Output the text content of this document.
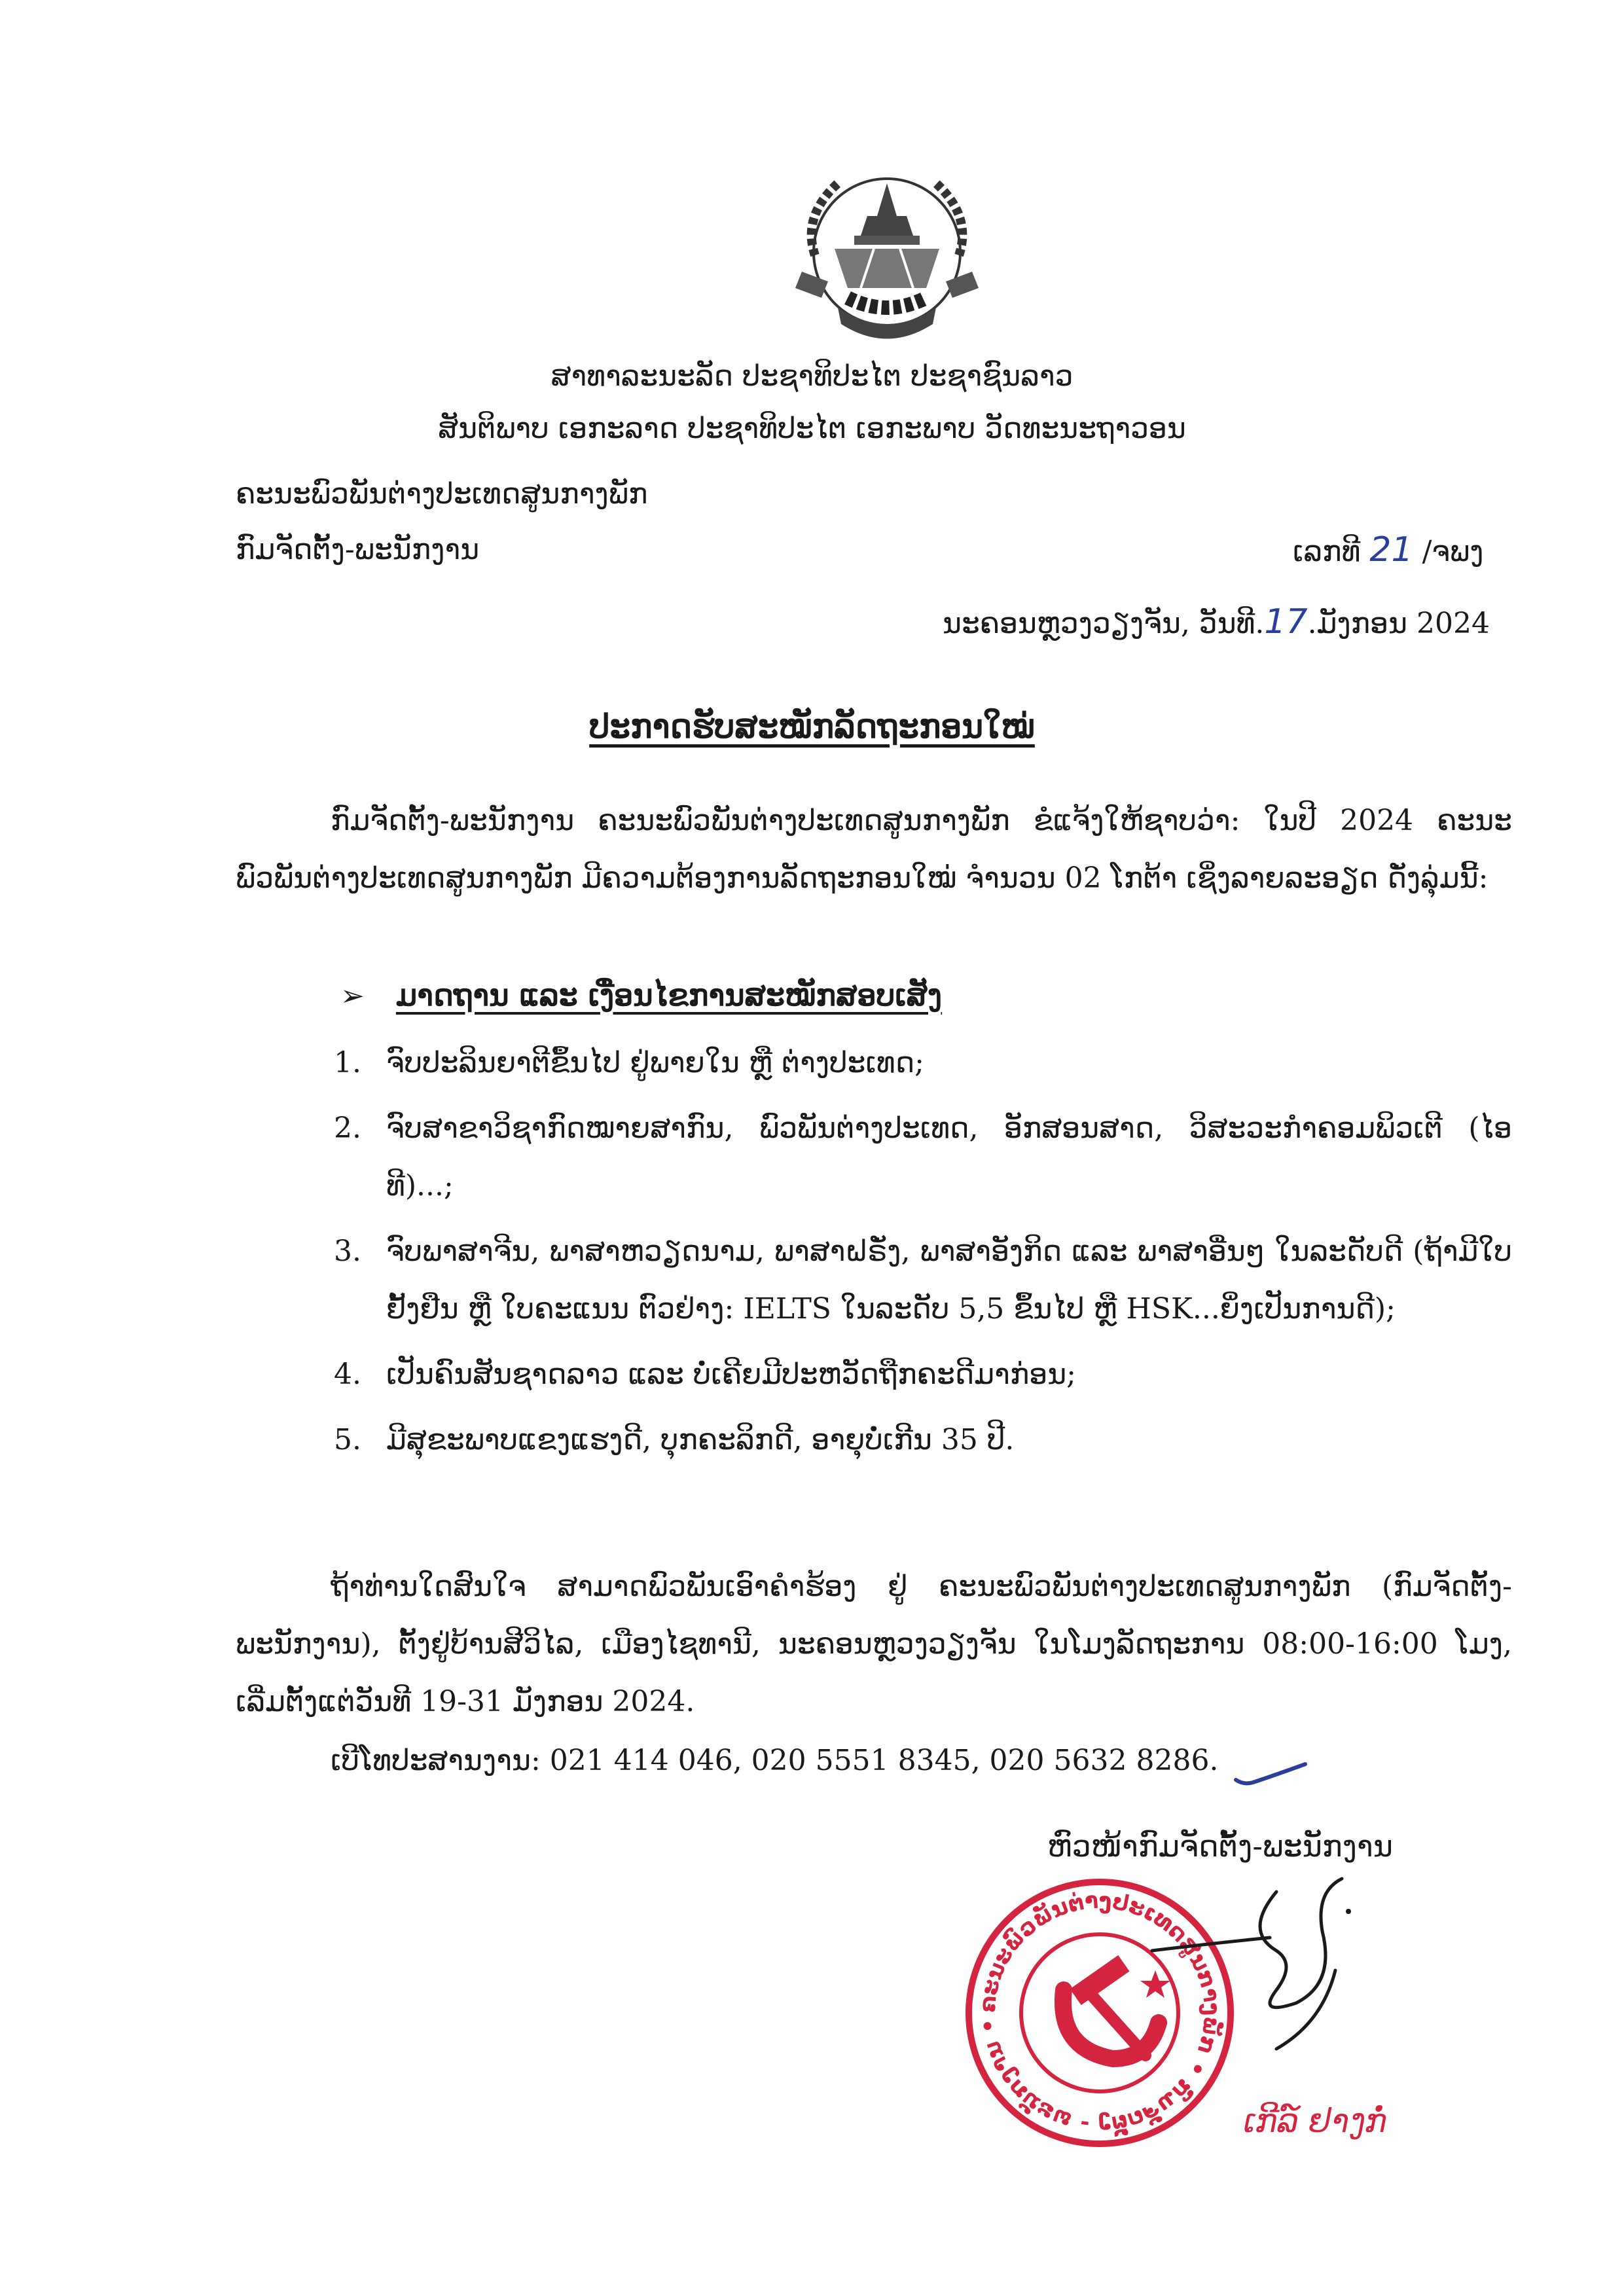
ສາທາລະນະລັດ ປະຊາທິປະໄຕ ປະຊາຊົນລາວ
ສັນຕິພາບ ເອກະລາດ ປະຊາທິປະໄຕ ເອກະພາບ ວັດທະນະຖາວອນ
ຄະນະພົວພັນຕ່າງປະເທດສູນກາງພັກ
ກົມຈັດຕັ້ງ-ພະນັກງານ	ເລກທີ 21 /ຈພງ
ນະຄອນຫຼວງວຽງຈັນ, ວັນທີ.17.ມັງກອນ 2024
ປະກາດຮັບສະໝັກລັດຖະກອນໃໝ່
ກົມຈັດຕັ້ງ-ພະນັກງານ ຄະນະພົວພັນຕ່າງປະເທດສູນກາງພັກ ຂໍແຈ້ງໃຫ້ຊາບວ່າ: ໃນປີ 2024 ຄະນະພົວພັນຕ່າງປະເທດສູນກາງພັກ ມີຄວາມຕ້ອງການລັດຖະກອນໃໝ່ ຈຳນວນ 02 ໂກຕ້າ ເຊິ່ງລາຍລະອຽດ ດັ່ງລຸ່ມນີ້:
➢ ມາດຖານ ແລະ ເງື່ອນໄຂການສະໝັກສອບເສັງ
1. ຈົບປະລິນຍາຕີຂຶ້ນໄປ ຢູ່ພາຍໃນ ຫຼື ຕ່າງປະເທດ;
2. ຈົບສາຂາວິຊາກົດໝາຍສາກົນ, ພົວພັນຕ່າງປະເທດ, ອັກສອນສາດ, ວິສະວະກຳຄອມພິວເຕີ (ໄອທີ)...;
3. ຈົບພາສາຈີນ, ພາສາຫວຽດນາມ, ພາສາຝຣັ່ງ, ພາສາອັງກິດ ແລະ ພາສາອື່ນໆ ໃນລະດັບດີ (ຖ້າມີໃບຢັ້ງຢືນ ຫຼື ໃບຄະແນນ ຕົວຢ່າງ: IELTS ໃນລະດັບ 5,5 ຂຶ້ນໄປ ຫຼື HSK...ຍິ່ງເປັນການດີ);
4. ເປັນຄົນສັນຊາດລາວ ແລະ ບໍ່ເຄີຍມີປະຫວັດຖືກຄະດີມາກ່ອນ;
5. ມີສຸຂະພາບແຂງແຮງດີ, ບຸກຄະລິກດີ, ອາຍຸບໍ່ເກີນ 35 ປີ.
ຖ້າທ່ານໃດສົນໃຈ ສາມາດພົວພັນເອົາຄຳຮ້ອງ ຢູ່ ຄະນະພົວພັນຕ່າງປະເທດສູນກາງພັກ (ກົມຈັດຕັ້ງ-ພະນັກງານ), ຕັ້ງຢູ່ບ້ານສີວິໄລ, ເມືອງໄຊທານີ, ນະຄອນຫຼວງວຽງຈັນ ໃນໂມງລັດຖະການ 08:00-16:00 ໂມງ, ເລີ່ມຕັ້ງແຕ່ວັນທີ 19-31 ມັງກອນ 2024.
ເບີໂທປະສານງານ: 021 414 046, 020 5551 8345, 020 5632 8286.
ຫົວໜ້າກົມຈັດຕັ້ງ-ພະນັກງານ
ຄະນະພົວພັນຕ່າງປະເທດສູນກາງພັກ • ກົມຈັດຕັ້ງ - ພະນັກງານ •
ເກີລ໌ ຢາງກໍ່
